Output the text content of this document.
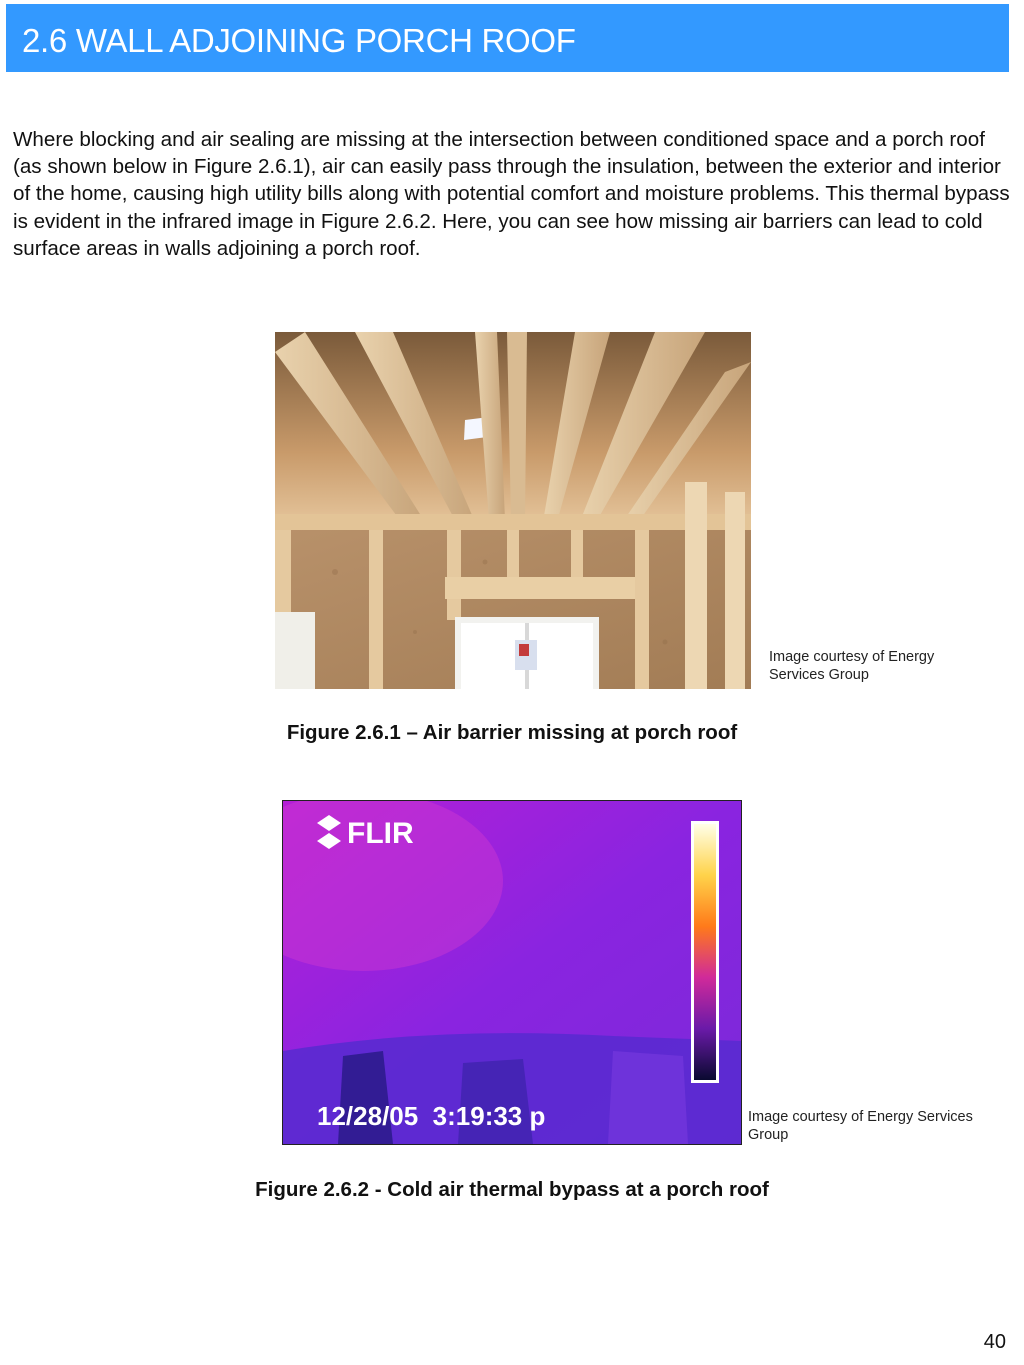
2.6 WALL ADJOINING PORCH ROOF

Where blocking and air sealing are missing at the intersection between conditioned space and a porch roof (as shown below in Figure 2.6.1), air can easily pass through the insulation, between the exterior and interior of the home, causing high utility bills along with potential comfort and moisture problems. This thermal bypass is evident in the infrared image in Figure 2.6.2. Here, you can see how missing air barriers can lead to cold surface areas in walls adjoining a porch roof.

Image courtesy of Energy Services Group

Figure 2.6.1 – Air barrier missing at porch roof

FLIR
12/28/05  3:19:33 p	Image courtesy of Energy Services Group

Figure 2.6.2 - Cold air thermal bypass at a porch roof

40
